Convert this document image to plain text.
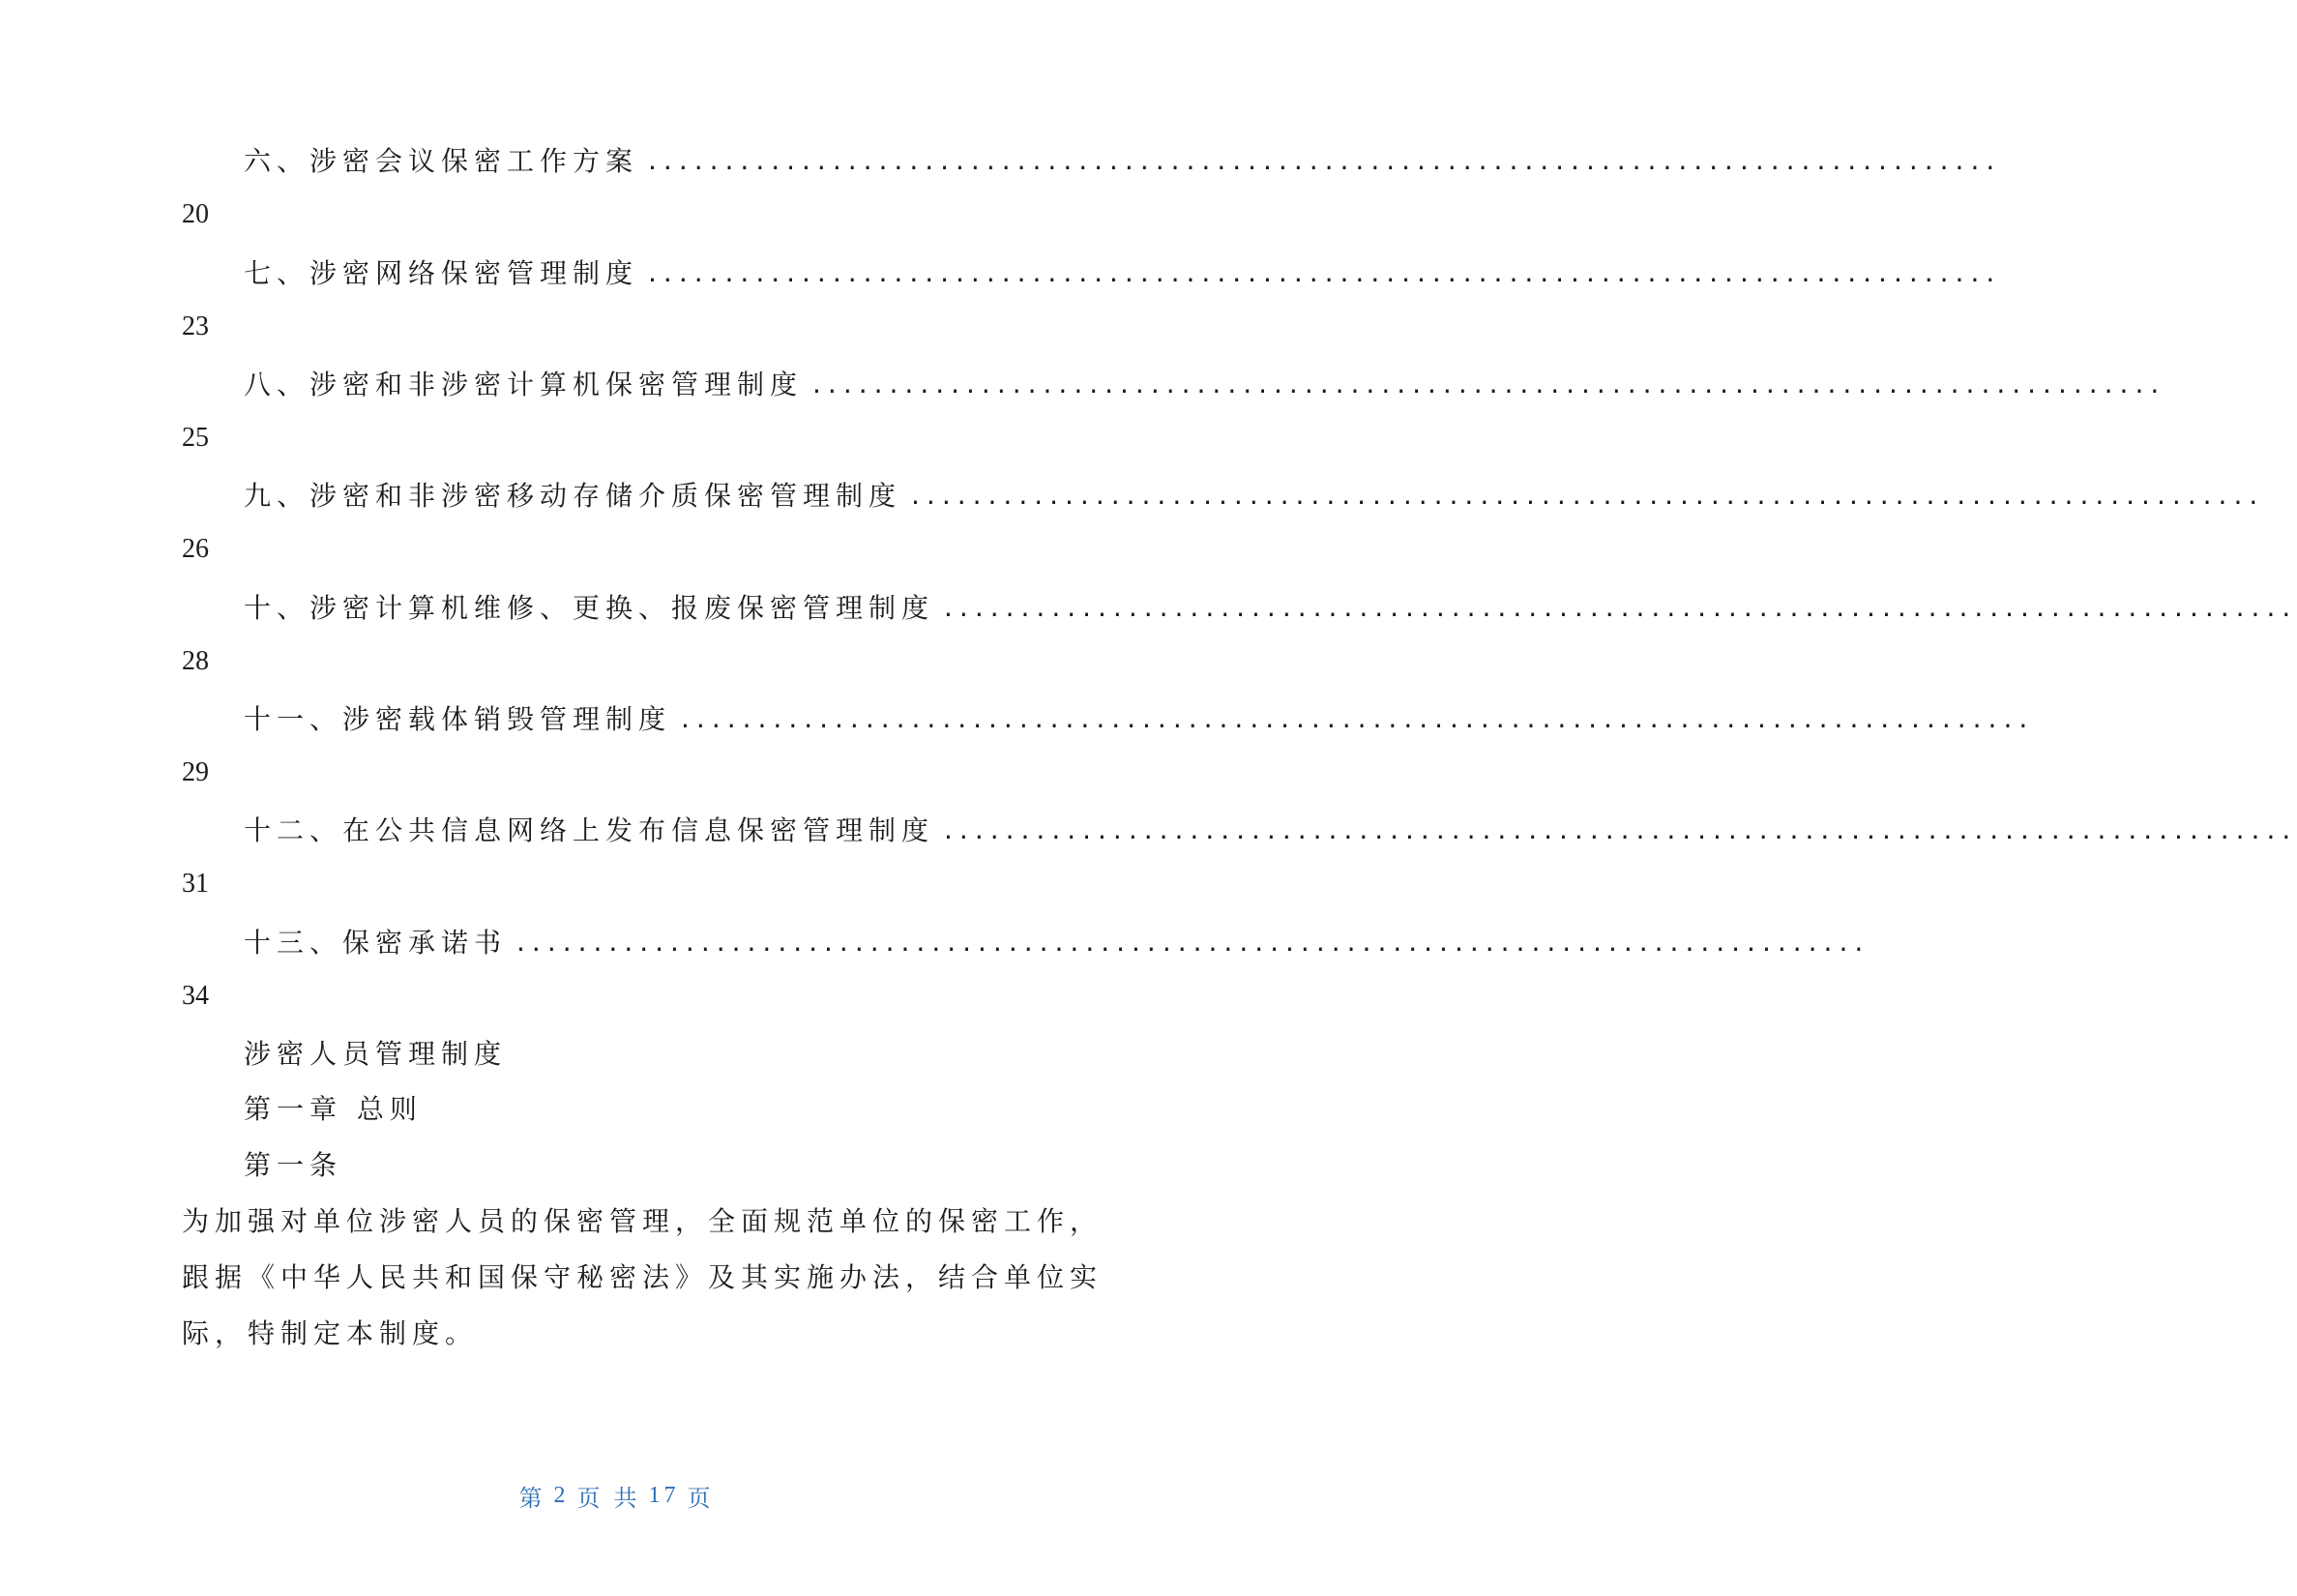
六、涉密会议保密工作方案 ........................................................................................
20
七、涉密网络保密管理制度 ........................................................................................
23
八、涉密和非涉密计算机保密管理制度 ........................................................................................
25
九、涉密和非涉密移动存储介质保密管理制度 ........................................................................................
26
十、涉密计算机维修、更换、报废保密管理制度 ........................................................................................
28
十一、涉密载体销毁管理制度 ........................................................................................
29
十二、在公共信息网络上发布信息保密管理制度 ........................................................................................
31
十三、保密承诺书 ........................................................................................
34
涉密人员管理制度
第一章 总则
第一条
为加强对单位涉密人员的保密管理，全面规范单位的保密工作，
跟据《中华人民共和国保守秘密法》及其实施办法，结合单位实
际，特制定本制度。
第 2 页 共 17 页
